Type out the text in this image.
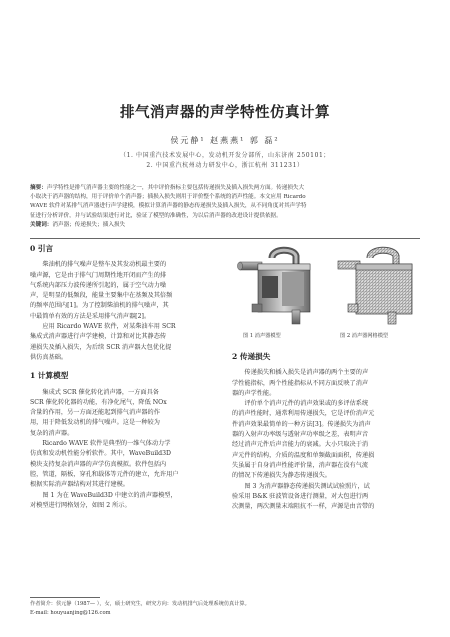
排气消声器的声学特性仿真计算
侯元静¹ 赵燕燕¹ 郭 磊²
（1. 中国重汽技术发展中心，发动机开发分部所，山东济南 250101；
2. 中国重汽杭州动力研发中心，浙江杭州 311231）
摘要：声学特性是排气消声器主要的性能之一，其中评价指标主要包括传递损失及插入损失两方面。传递损失大
小取决于消声器的结构，用于评价单个消声器；插损入损失则用于评价整个系统的消声性能。本文应用 Ricardo
WAVE 软件对某排气消声器进行声学建模，模拟计算消声器的静态传递损失及插入损失，从不同角度对其声学特
征进行分析评价，并与试验结果进行对比，验证了模型的准确性，为以后消声器的改进设计提供依据。
关键词：消声器；传递损失；插入损失
0 引言

柴油机的排气噪声是整车及其发动机最主要的

噪声源，它是由于排气门周期性地开闭而产生的排

气系统内部压力波传递所引起的，属于空气动力噪

声，是明显的低频段，能量主要集中在基频及其倍频

的频率范围内[1]。为了控制柴油机的排气噪声，其

中最简单有效的方法是采用排气消声器[2]。

应用 Ricardo WAVE 软件，对某柴油车用 SCR

集成式消声器进行声学建模，计算和对比其静态传

递损失及插入损失，为后续 SCR 消声器大包优化提

供仿真基础。

1 计算模型

集成式 SCR 催化转化消声器，一方面具备

SCR 催化转化器的功能，有净化尾气，降低 NOx

含量的作用，另一方面还能起到排气消声器的作

用，用于降低发动机的排气噪声。这是一种较为

复杂的消声器。

Ricardo WAVE 软件是典型的一维气体动力学

仿真和发动机性能分析软件。其中，WaveBuild3D

模块支持复杂消声器的声学仿真模拟。软件包括内

腔，管道，隔板，穿孔和载体等元件的建立，允许用户

根据实际消声器结构对其进行建模。

图 1 为在 WaveBuild3D 中建立的消声器模型，

对模型进行网格划分，如图 2 所示。

作者简介：侯元静（1987— ），女，硕士研究生，研究方向：发动机排气后处理系统仿真计算。
E-mail: houyuanjing@126.com
图 1 消声器模型	图 2 消声器网格模型
2 传递损失

传递损失和插入损失是消声器的两个主要的声

学性能指标，两个性能指标从不同方面反映了消声

器的声学性能。

评价单个消声元件的消声效果或的多评估系统

的消声性能时，通常利用传递损失，它是评价消声元

件消声效果最简单的一种方法[3]。传递损失为消声

器的入射声功率级与透射声功率级之差，表明声音

经过消声元件后声音能力的衰减。大小只取决于消

声元件的结构，介质的温度和单频截面面积，传递损

失虽属于自身消声性能评价量，消声器在没有气流

的情况下传递损失为静态传递损失。

图 3 为消声器静态传递损失测试试验照片，试

验采用 B&K 驻波管设备进行测量，对大包进行两

次测量，两次测量末端阻抗不一样，声源是由音带的
